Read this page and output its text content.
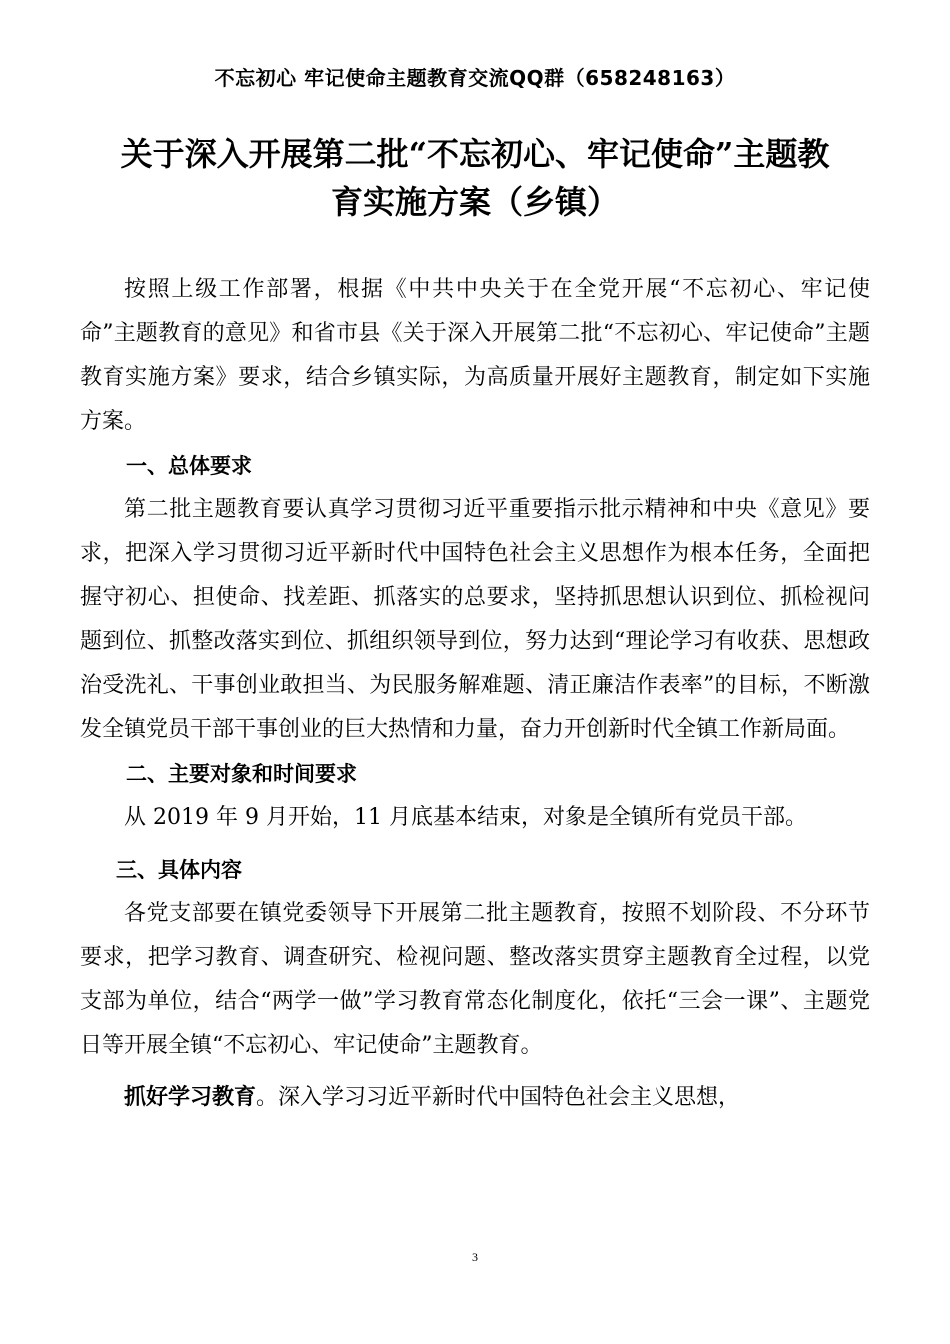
不忘初心 牢记使命主题教育交流QQ群（658248163）
关于深入开展第二批“不忘初心、牢记使命”主题教
育实施方案（乡镇）

按照上级工作部署，根据《中共中央关于在全党开展“不忘初心、牢记使命”主题教育的意见》和省市县《关于深入开展第二批“不忘初心、牢记使命”主题教育实施方案》要求，结合乡镇实际，为高质量开展好主题教育，制定如下实施方案。

一、总体要求

第二批主题教育要认真学习贯彻习近平重要指示批示精神和中央《意见》要求，把深入学习贯彻习近平新时代中国特色社会主义思想作为根本任务，全面把握守初心、担使命、找差距、抓落实的总要求，坚持抓思想认识到位、抓检视问题到位、抓整改落实到位、抓组织领导到位，努力达到“理论学习有收获、思想政治受洗礼、干事创业敢担当、为民服务解难题、清正廉洁作表率”的目标，不断激发全镇党员干部干事创业的巨大热情和力量，奋力开创新时代全镇工作新局面。

二、主要对象和时间要求

从 2019 年 9 月开始，11 月底基本结束，对象是全镇所有党员干部。

三、具体内容

各党支部要在镇党委领导下开展第二批主题教育，按照不划阶段、不分环节要求，把学习教育、调查研究、检视问题、整改落实贯穿主题教育全过程，以党支部为单位，结合“两学一做”学习教育常态化制度化，依托“三会一课”、主题党日等开展全镇“不忘初心、牢记使命”主题教育。

抓好学习教育。深入学习习近平新时代中国特色社会主义思想，

3
